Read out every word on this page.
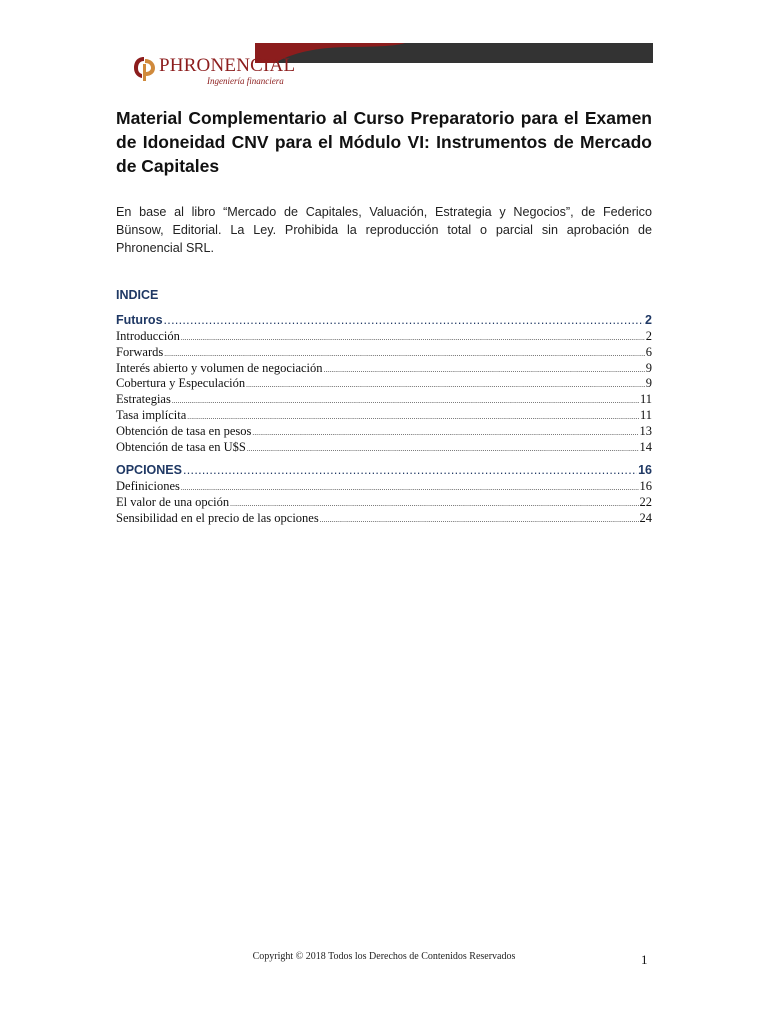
PHRONENCIAL
Ingeniería financiera
Material Complementario al Curso Preparatorio para el Examen de Idoneidad CNV para el Módulo VI: Instrumentos de Mercado de Capitales

En base al libro “Mercado de Capitales, Valuación, Estrategia y Negocios”, de Federico Bünsow, Editorial. La Ley. Prohibida la reproducción total o parcial sin aprobación de Phronencial SRL.

INDICE
Futuros .....	2
Introducción .....	2
Forwards .....	6
Interés abierto y volumen de negociación .....	9
Cobertura y Especulación .....	9
Estrategias .....	11
Tasa implícita .....	11
Obtención de tasa en pesos .....	13
Obtención de tasa en U$S .....	14
OPCIONES .....	16
Definiciones .....	16
El valor de una opción .....	22
Sensibilidad en el precio de las opciones .....	24
Copyright © 2018 Todos los Derechos de Contenidos Reservados	1
